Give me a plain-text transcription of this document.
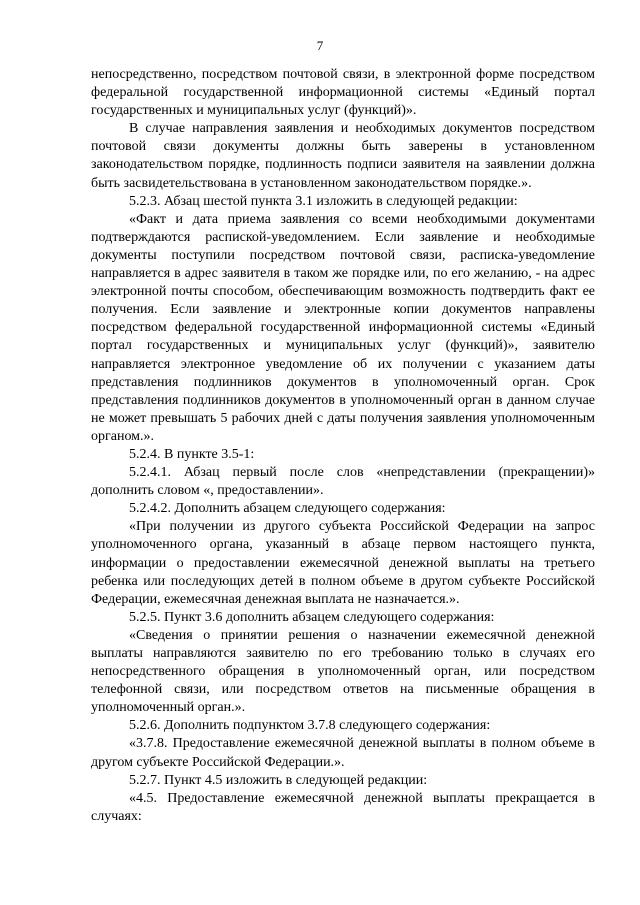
7

непосредственно, посредством почтовой связи, в электронной форме посредством федеральной государственной информационной системы «Единый портал государственных и муниципальных услуг (функций)».

В случае направления заявления и необходимых документов посредством почтовой связи документы должны быть заверены в установленном законодательством порядке, подлинность подписи заявителя на заявлении должна быть засвидетельствована в установленном законодательством порядке.».

5.2.3. Абзац шестой пункта 3.1 изложить в следующей редакции:

«Факт и дата приема заявления со всеми необходимыми документами подтверждаются распиской-уведомлением. Если заявление и необходимые документы поступили посредством почтовой связи, расписка-уведомление направляется в адрес заявителя в таком же порядке или, по его желанию, - на адрес электронной почты способом, обеспечивающим возможность подтвердить факт ее получения. Если заявление и электронные копии документов направлены посредством федеральной государственной информационной системы «Единый портал государственных и муниципальных услуг (функций)», заявителю направляется электронное уведомление об их получении с указанием даты представления подлинников документов в уполномоченный орган. Срок представления подлинников документов в уполномоченный орган в данном случае не может превышать 5 рабочих дней с даты получения заявления уполномоченным органом.».

5.2.4. В пункте 3.5-1:

5.2.4.1. Абзац первый после слов «непредставлении (прекращении)» дополнить словом «, предоставлении».

5.2.4.2. Дополнить абзацем следующего содержания:

«При получении из другого субъекта Российской Федерации на запрос уполномоченного органа, указанный в абзаце первом настоящего пункта, информации о предоставлении ежемесячной денежной выплаты на третьего ребенка или последующих детей в полном объеме в другом субъекте Российской Федерации, ежемесячная денежная выплата не назначается.».

5.2.5. Пункт 3.6 дополнить абзацем следующего содержания:

«Сведения о принятии решения о назначении ежемесячной денежной выплаты направляются заявителю по его требованию только в случаях его непосредственного обращения в уполномоченный орган, или посредством телефонной связи, или посредством ответов на письменные обращения в уполномоченный орган.».

5.2.6. Дополнить подпунктом 3.7.8 следующего содержания:

«3.7.8. Предоставление ежемесячной денежной выплаты в полном объеме в другом субъекте Российской Федерации.».

5.2.7. Пункт 4.5 изложить в следующей редакции:

«4.5. Предоставление ежемесячной денежной выплаты прекращается в случаях:
